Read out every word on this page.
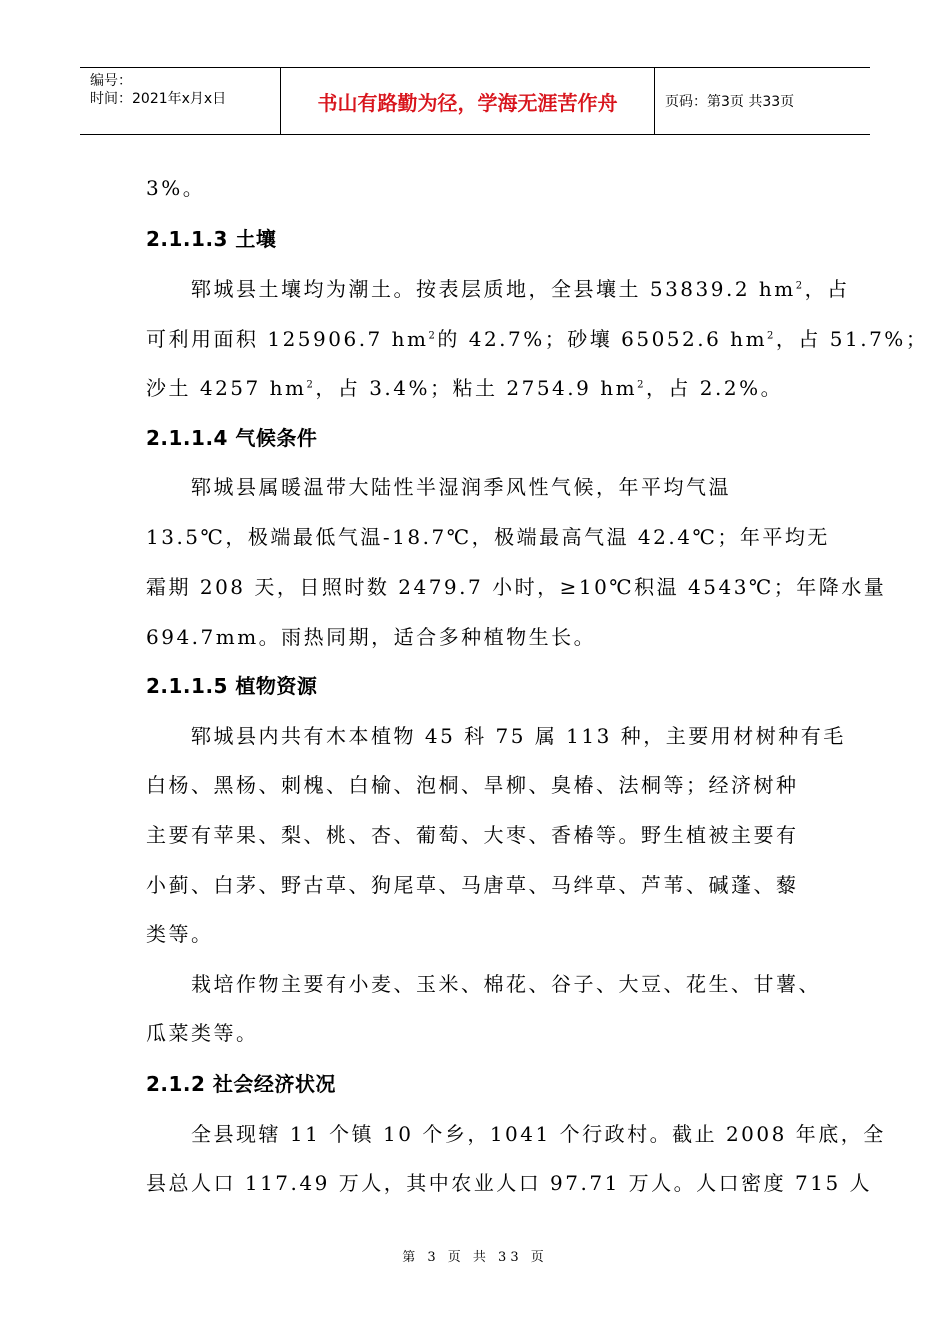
编号：
时间：2021年x月x日	书山有路勤为径，学海无涯苦作舟	页码：第3页 共33页
3%。
2.1.1.3 土壤
郓城县土壤均为潮土。按表层质地，全县壤土 53839.2 $hm^2$，占
可利用面积 125906.7 $hm^2$的 42.7%；砂壤 65052.6 $hm^2$，占 51.7%；
沙土 4257 $hm^2$，占 3.4%；粘土 2754.9 $hm^2$，占 2.2%。
2.1.1.4 气候条件
郓城县属暖温带大陆性半湿润季风性气候，年平均气温
13.5℃，极端最低气温-18.7℃，极端最高气温 42.4℃；年平均无
霜期 208 天，日照时数 2479.7 小时，≥10℃积温 4543℃；年降水量
694.7mm。雨热同期，适合多种植物生长。
2.1.1.5 植物资源
郓城县内共有木本植物 45 科 75 属 113 种，主要用材树种有毛
白杨、黑杨、刺槐、白榆、泡桐、旱柳、臭椿、法桐等；经济树种
主要有苹果、梨、桃、杏、葡萄、大枣、香椿等。野生植被主要有
小蓟、白茅、野古草、狗尾草、马唐草、马绊草、芦苇、碱蓬、藜
类等。
栽培作物主要有小麦、玉米、棉花、谷子、大豆、花生、甘薯、
瓜菜类等。
2.1.2 社会经济状况
全县现辖 11 个镇 10 个乡，1041 个行政村。截止 2008 年底，全
县总人口 117.49 万人，其中农业人口 97.71 万人。人口密度 715 人
第 3 页 共 33 页
